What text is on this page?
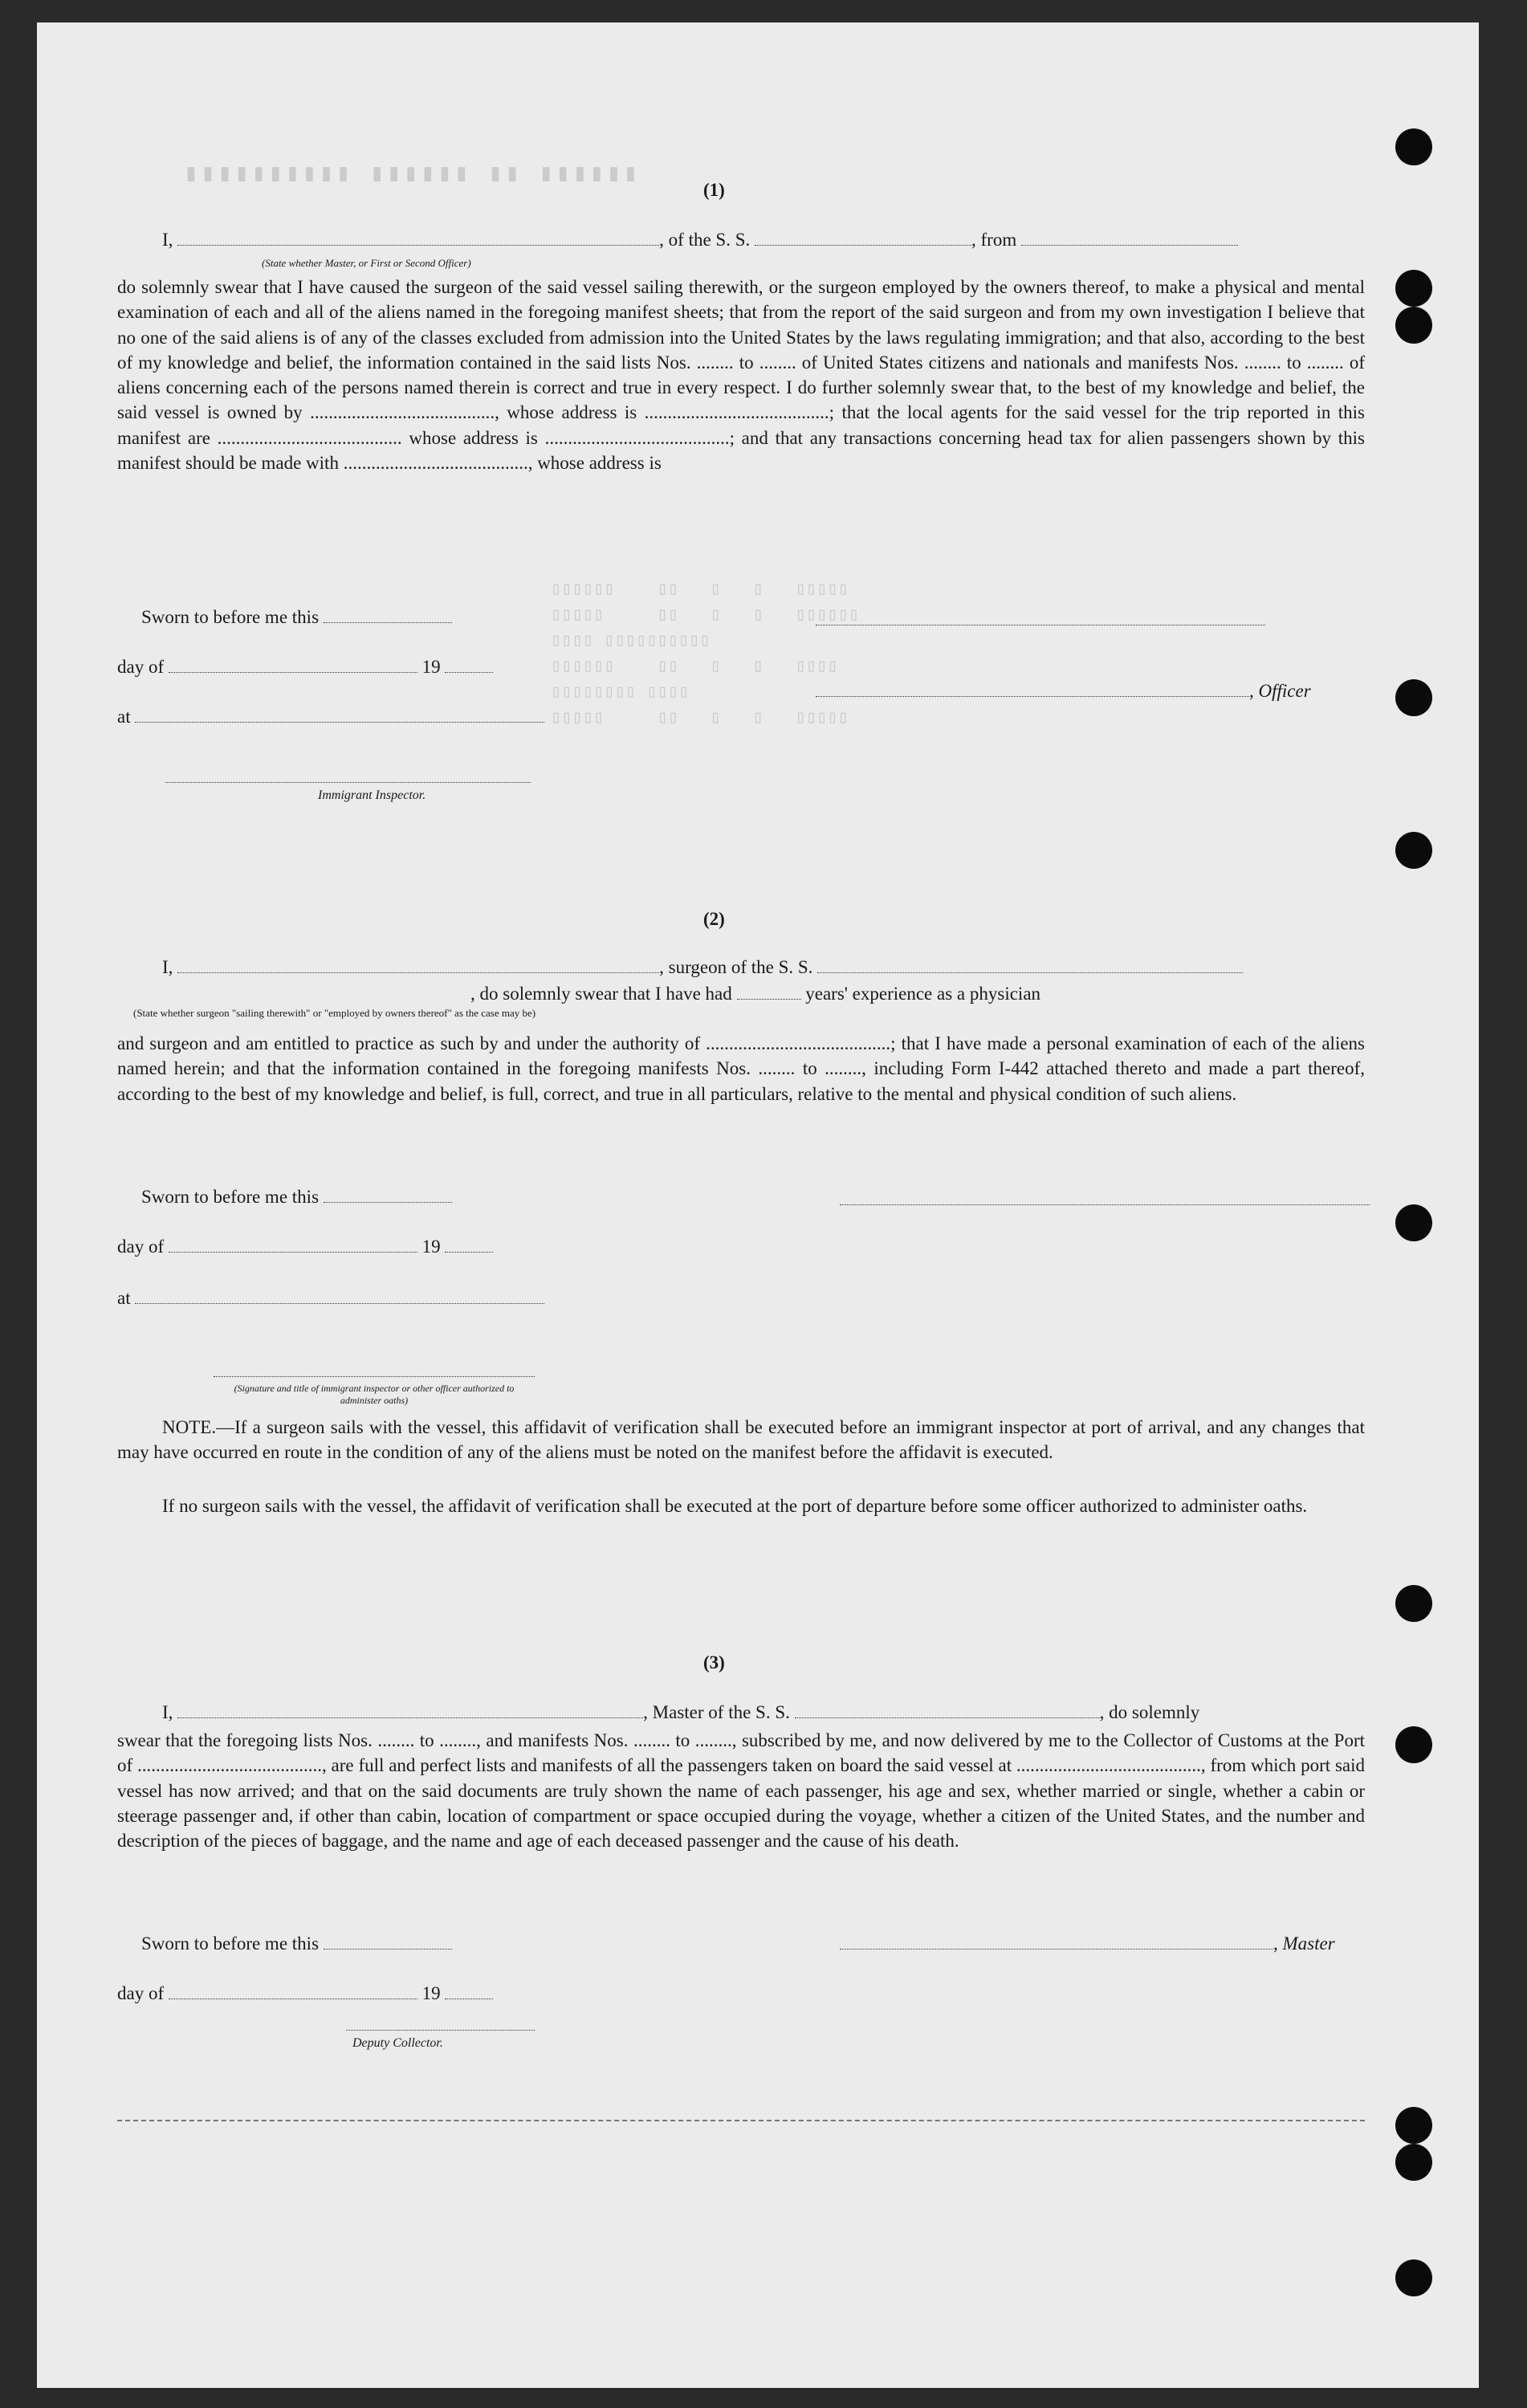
▮▮▮▮▮▮ ▮▮ ▮▮▮▮▮▮ ▮▮▮▮▮▮▮▮▮▮
▯▯▯▯▯▯    ▯▯   ▯   ▯   ▯▯▯▯▯
▯▯▯▯▯     ▯▯   ▯   ▯   ▯▯▯▯▯▯
▯▯▯▯ ▯▯▯▯▯▯▯▯▯▯
▯▯▯▯▯▯    ▯▯   ▯   ▯   ▯▯▯▯
▯▯▯▯▯▯▯▯ ▯▯▯▯
▯▯▯▯▯     ▯▯   ▯   ▯   ▯▯▯▯▯
(1)
I,	, of the S. S.	, from
(State whether Master, or First or Second Officer)
do solemnly swear that I have caused the surgeon of the said vessel sailing therewith, or the surgeon employed by the owners thereof, to make a physical and mental examination of each and all of the aliens named in the foregoing manifest sheets; that from the report of the said surgeon and from my own investigation I believe that no one of the said aliens is of any of the classes excluded from admission into the United States by the laws regulating immigration; and that also, according to the best of my knowledge and belief, the information contained in the said lists Nos. ........ to ........ of United States citizens and nationals and manifests Nos. ........ to ........ of aliens concerning each of the persons named therein is correct and true in every respect. I do further solemnly swear that, to the best of my knowledge and belief, the said vessel is owned by ........................................, whose address is ........................................; that the local agents for the said vessel for the trip reported in this manifest are ........................................ whose address is ........................................; and that any transactions concerning head tax for alien passengers shown by this manifest should be made with ........................................, whose address is
Sworn to before me this
day of	19
, Officer
at
Immigrant Inspector.
(2)
I,	, surgeon of the S. S.
, do solemnly swear that I have had	years' experience as a physician
(State whether surgeon "sailing therewith" or "employed by owners thereof" as the case may be)
and surgeon and am entitled to practice as such by and under the authority of ........................................; that I have made a personal examination of each of the aliens named herein; and that the information contained in the foregoing manifests Nos. ........ to ........, including Form I-442 attached thereto and made a part thereof, according to the best of my knowledge and belief, is full, correct, and true in all particulars, relative to the mental and physical condition of such aliens.
Sworn to before me this
day of	19
at
(Signature and title of immigrant inspector or other officer authorized to administer oaths)
NOTE.—If a surgeon sails with the vessel, this affidavit of verification shall be executed before an immigrant inspector at port of arrival, and any changes that may have occurred en route in the condition of any of the aliens must be noted on the manifest before the affidavit is executed.
If no surgeon sails with the vessel, the affidavit of verification shall be executed at the port of departure before some officer authorized to administer oaths.
(3)
I,	, Master of the S. S.	, do solemnly
swear that the foregoing lists Nos. ........ to ........, and manifests Nos. ........ to ........, subscribed by me, and now delivered by me to the Collector of Customs at the Port of ........................................, are full and perfect lists and manifests of all the passengers taken on board the said vessel at ........................................, from which port said vessel has now arrived; and that on the said documents are truly shown the name of each passenger, his age and sex, whether married or single, whether a cabin or steerage passenger and, if other than cabin, location of compartment or space occupied during the voyage, whether a citizen of the United States, and the number and description of the pieces of baggage, and the name and age of each deceased passenger and the cause of his death.
Sworn to before me this	, Master
day of	19
Deputy Collector.
